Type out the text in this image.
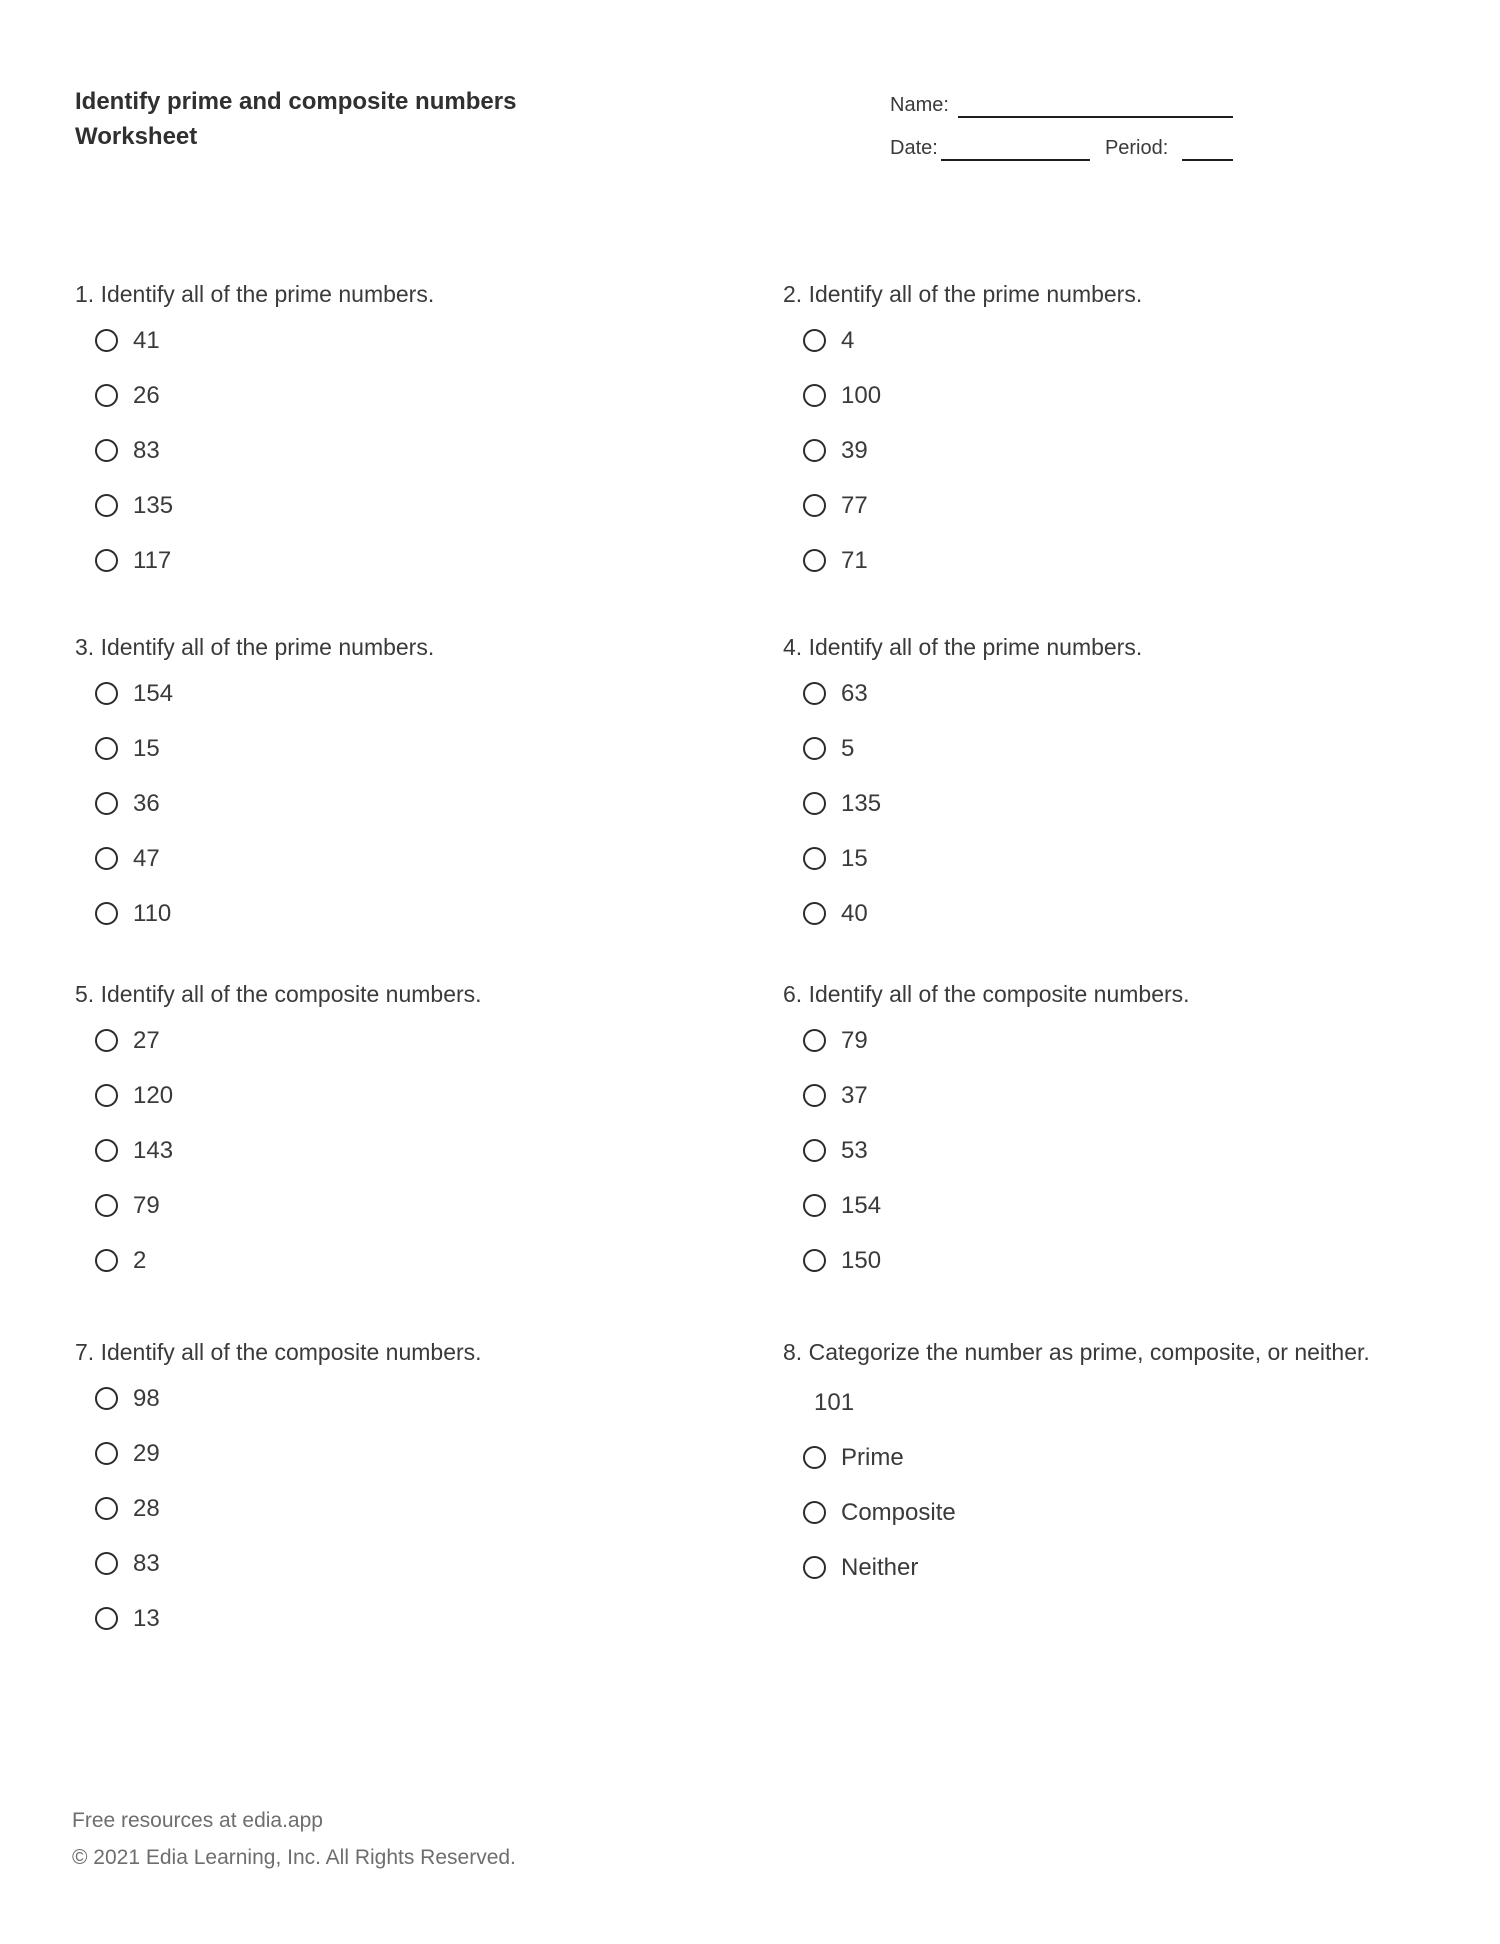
Identify prime and composite numbers
Worksheet
Name:
Date:	Period:
1. Identify all of the prime numbers.
41
26
83
135
117
2. Identify all of the prime numbers.
4
100
39
77
71
3. Identify all of the prime numbers.
154
15
36
47
110
4. Identify all of the prime numbers.
63
5
135
15
40
5. Identify all of the composite numbers.
27
120
143
79
2
6. Identify all of the composite numbers.
79
37
53
154
150
7. Identify all of the composite numbers.
98
29
28
83
13
8. Categorize the number as prime, composite, or neither.
101
Prime
Composite
Neither
Free resources at edia.app
© 2021 Edia Learning, Inc. All Rights Reserved.
